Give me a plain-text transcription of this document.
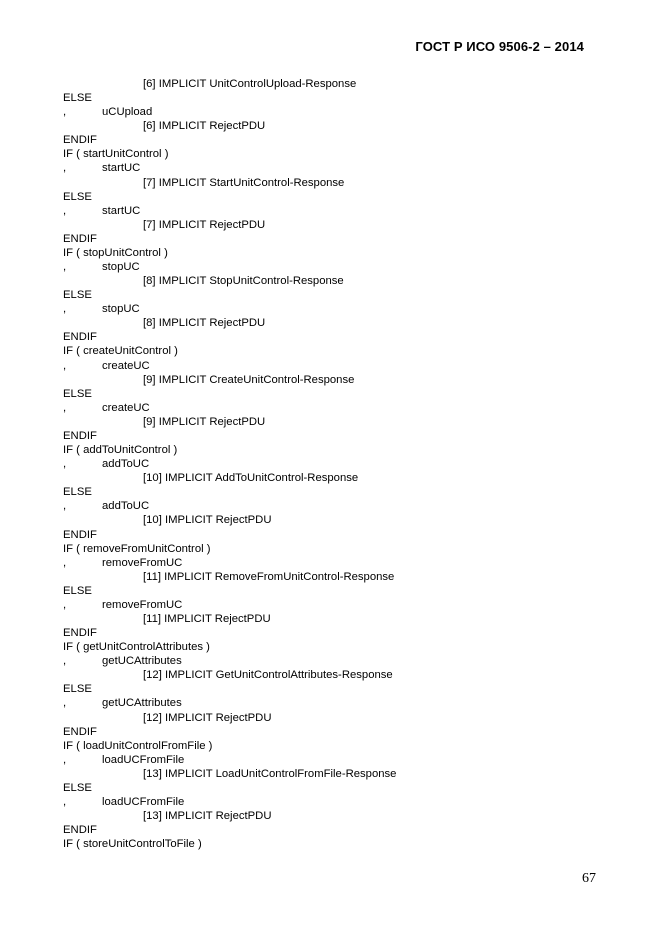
ГОСТ Р ИСО 9506-2 – 2014
[6] IMPLICIT UnitControlUpload-Response
ELSE
,	uCUpload
[6] IMPLICIT RejectPDU
ENDIF
IF ( startUnitControl )
,	startUC
[7] IMPLICIT StartUnitControl-Response
ELSE
,	startUC
[7] IMPLICIT RejectPDU
ENDIF
IF ( stopUnitControl )
,	stopUC
[8] IMPLICIT StopUnitControl-Response
ELSE
,	stopUC
[8] IMPLICIT RejectPDU
ENDIF
IF ( createUnitControl )
,	createUC
[9] IMPLICIT CreateUnitControl-Response
ELSE
,	createUC
[9] IMPLICIT RejectPDU
ENDIF
IF ( addToUnitControl )
,	addToUC
[10] IMPLICIT AddToUnitControl-Response
ELSE
,	addToUC
[10] IMPLICIT RejectPDU
ENDIF
IF ( removeFromUnitControl )
,	removeFromUC
[11] IMPLICIT RemoveFromUnitControl-Response
ELSE
,	removeFromUC
[11] IMPLICIT RejectPDU
ENDIF
IF ( getUnitControlAttributes )
,	getUCAttributes
[12] IMPLICIT GetUnitControlAttributes-Response
ELSE
,	getUCAttributes
[12] IMPLICIT RejectPDU
ENDIF
IF ( loadUnitControlFromFile )
,	loadUCFromFile
[13] IMPLICIT LoadUnitControlFromFile-Response
ELSE
,	loadUCFromFile
[13] IMPLICIT RejectPDU
ENDIF
IF ( storeUnitControlToFile )
67
